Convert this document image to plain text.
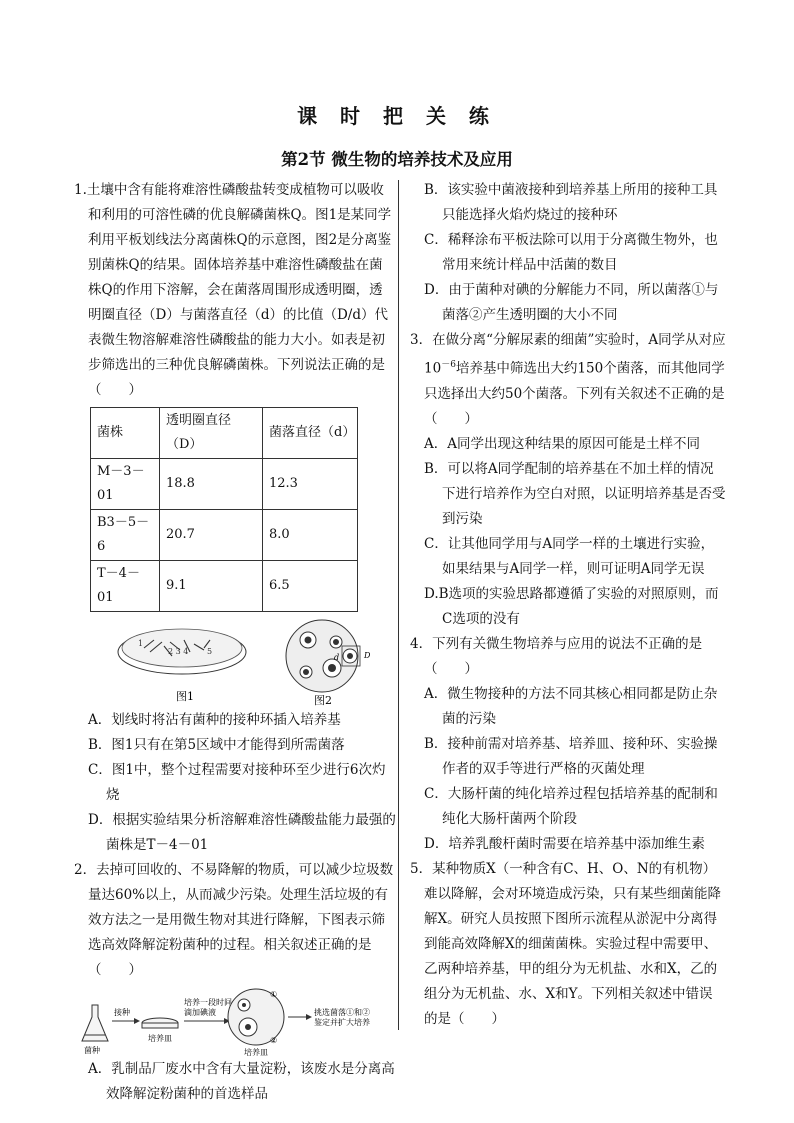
课 时 把 关 练
第2节 微生物的培养技术及应用

1.土壤中含有能将难溶性磷酸盐转变成植物可以吸收和利用的可溶性磷的优良解磷菌株Q。图1是某同学利用平板划线法分离菌株Q的示意图，图2是分离鉴别菌株Q的结果。固体培养基中难溶性磷酸盐在菌株Q的作用下溶解，会在菌落周围形成透明圈，透明圈直径（D）与菌落直径（d）的比值（D/d）代表微生物溶解难溶性磷酸盐的能力大小。如表是初步筛选出的三种优良解磷菌株。下列说法正确的是（　　）

菌株	透明圈直径（D）	菌落直径（d）
M－3－01	18.8	12.3
B3－5－6	20.7	8.0
T－4－01	9.1	6.5
2 3 4
1
5
图1
d	D
图2

A．划线时将沾有菌种的接种环插入培养基

B．图1只有在第5区域中才能得到所需菌落

C．图1中，整个过程需要对接种环至少进行6次灼烧

D．根据实验结果分析溶解难溶性磷酸盐能力最强的菌株是T－4－01

2．去掉可回收的、不易降解的物质，可以减少垃圾数量达60%以上，从而减少污染。处理生活垃圾的有效方法之一是用微生物对其进行降解，下图表示筛选高效降解淀粉菌种的过程。相关叙述正确的是（　　）

菌种
接种
培养皿
培养一段时间
滴加碘液
①
②
培养皿
挑选菌落①和②
鉴定并扩大培养

A．乳制品厂废水中含有大量淀粉，该废水是分离高效降解淀粉菌种的首选样品

B．该实验中菌液接种到培养基上所用的接种工具只能选择火焰灼烧过的接种环

C．稀释涂布平板法除可以用于分离微生物外，也常用来统计样品中活菌的数目

D．由于菌种对碘的分解能力不同，所以菌落①与菌落②产生透明圈的大小不同

3．在做分离“分解尿素的细菌”实验时，A同学从对应$10^{-6}$培养基中筛选出大约150个菌落，而其他同学只选择出大约50个菌落。下列有关叙述不正确的是（　　）

A．A同学出现这种结果的原因可能是土样不同

B．可以将A同学配制的培养基在不加土样的情况下进行培养作为空白对照，以证明培养基是否受到污染

C．让其他同学用与A同学一样的土壤进行实验，如果结果与A同学一样，则可证明A同学无误

D.B选项的实验思路都遵循了实验的对照原则，而C选项的没有

4．下列有关微生物培养与应用的说法不正确的是（　　）

A．微生物接种的方法不同其核心相同都是防止杂菌的污染

B．接种前需对培养基、培养皿、接种环、实验操作者的双手等进行严格的灭菌处理

C．大肠杆菌的纯化培养过程包括培养基的配制和纯化大肠杆菌两个阶段

D．培养乳酸杆菌时需要在培养基中添加维生素

5．某种物质X（一种含有C、H、O、N的有机物）难以降解，会对环境造成污染，只有某些细菌能降解X。研究人员按照下图所示流程从淤泥中分离得到能高效降解X的细菌菌株。实验过程中需要甲、乙两种培养基，甲的组分为无机盐、水和X，乙的组分为无机盐、水、X和Y。下列相关叙述中错误的是（　　）
